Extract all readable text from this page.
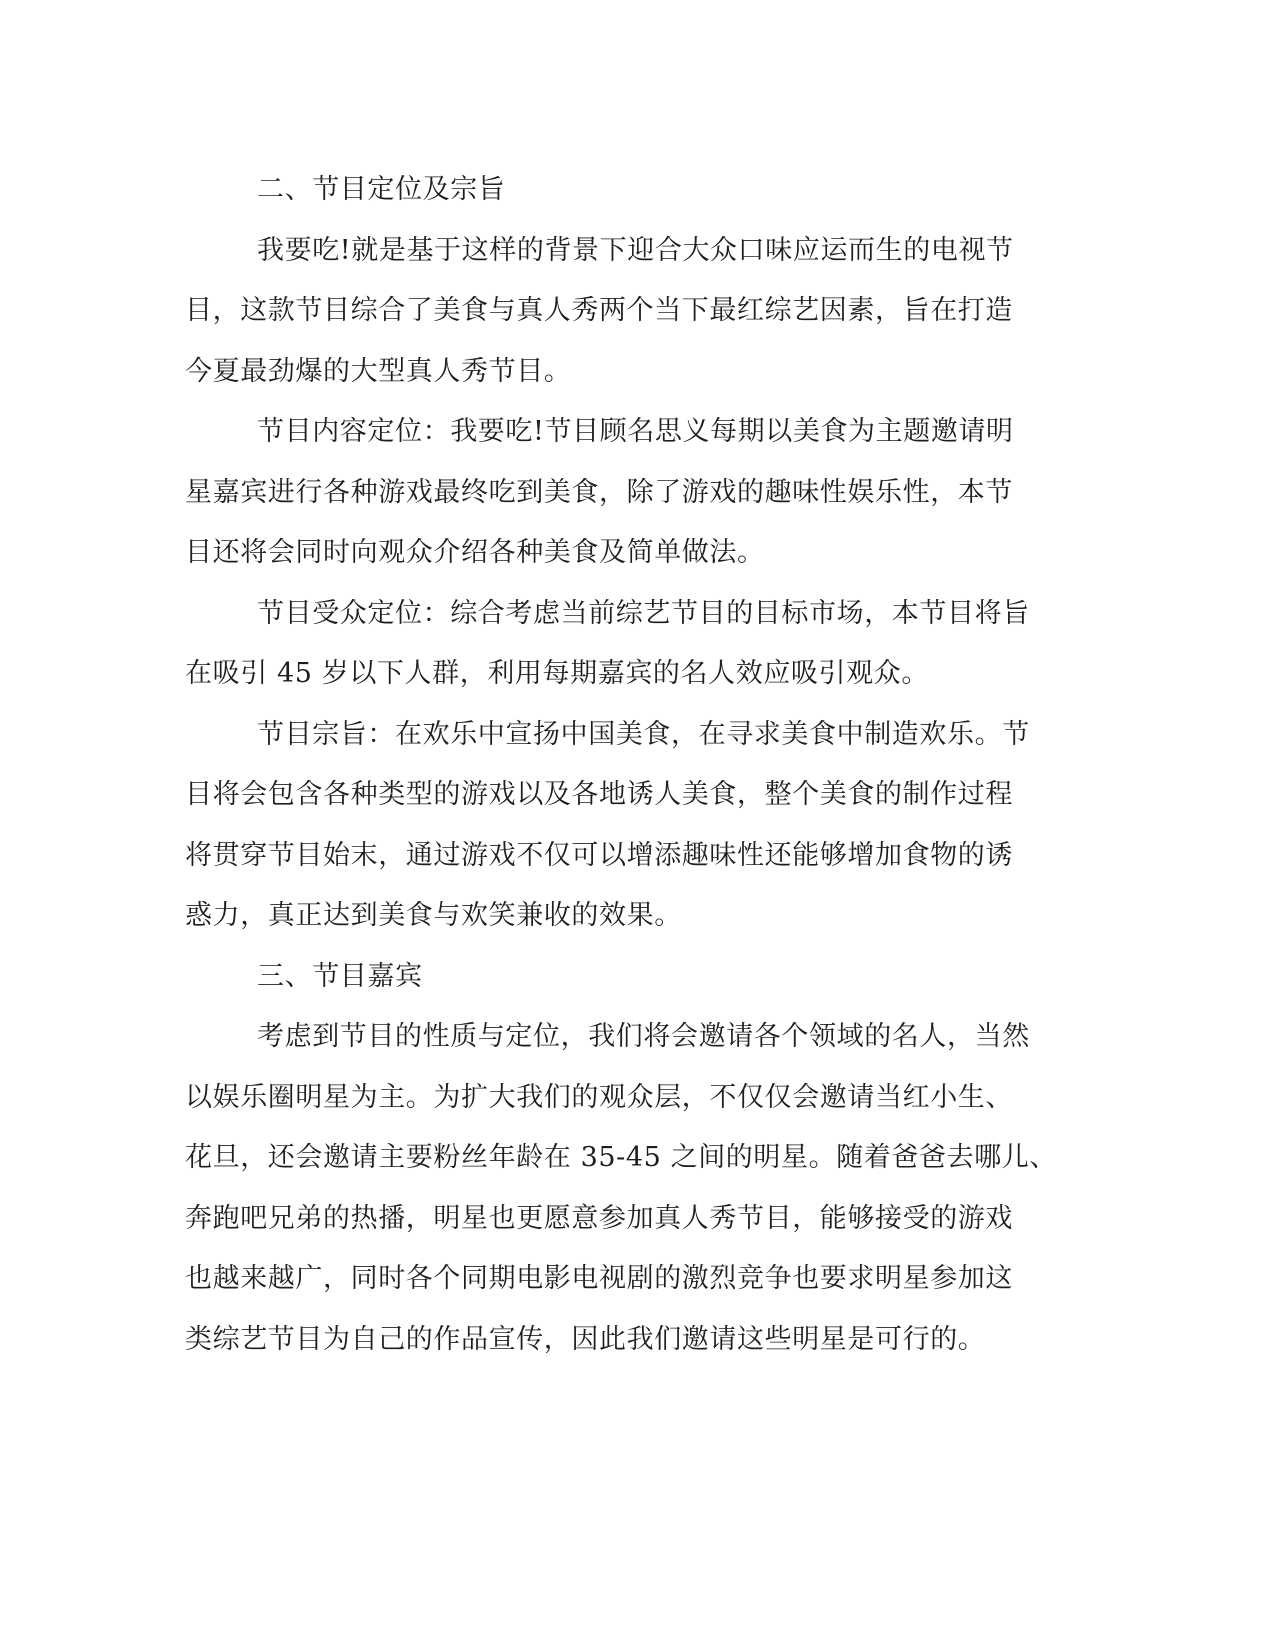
二、节目定位及宗旨
我要吃!就是基于这样的背景下迎合大众口味应运而生的电视节
目，这款节目综合了美食与真人秀两个当下最红综艺因素，旨在打造
今夏最劲爆的大型真人秀节目。
节目内容定位：我要吃!节目顾名思义每期以美食为主题邀请明
星嘉宾进行各种游戏最终吃到美食，除了游戏的趣味性娱乐性，本节
目还将会同时向观众介绍各种美食及简单做法。
节目受众定位：综合考虑当前综艺节目的目标市场，本节目将旨
在吸引 45 岁以下人群，利用每期嘉宾的名人效应吸引观众。
节目宗旨：在欢乐中宣扬中国美食，在寻求美食中制造欢乐。节
目将会包含各种类型的游戏以及各地诱人美食，整个美食的制作过程
将贯穿节目始末，通过游戏不仅可以增添趣味性还能够增加食物的诱
惑力，真正达到美食与欢笑兼收的效果。
三、节目嘉宾
考虑到节目的性质与定位，我们将会邀请各个领域的名人，当然
以娱乐圈明星为主。为扩大我们的观众层，不仅仅会邀请当红小生、
花旦，还会邀请主要粉丝年龄在 35-45 之间的明星。随着爸爸去哪儿、
奔跑吧兄弟的热播，明星也更愿意参加真人秀节目，能够接受的游戏
也越来越广，同时各个同期电影电视剧的激烈竞争也要求明星参加这
类综艺节目为自己的作品宣传，因此我们邀请这些明星是可行的。
